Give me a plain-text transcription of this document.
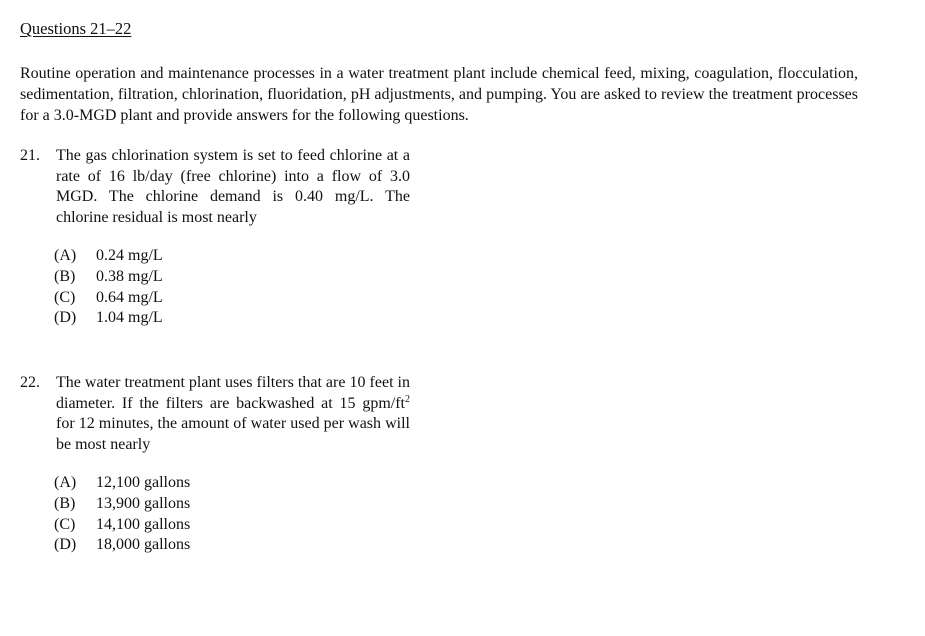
Questions 21–22

Routine operation and maintenance processes in a water treatment plant include chemical feed, mixing, coagulation, flocculation, sedimentation, filtration, chlorination, fluoridation, pH adjustments, and pumping. You are asked to review the treatment processes for a 3.0-MGD plant and provide answers for the following questions.

21. The gas chlorination system is set to feed chlorine at a rate of 16 lb/day (free chlorine) into a flow of 3.0 MGD. The chlorine demand is 0.40 mg/L. The chlorine residual is most nearly
(A)	0.24 mg/L
(B)	0.38 mg/L
(C)	0.64 mg/L
(D)	1.04 mg/L
22. The water treatment plant uses filters that are 10 feet in diameter. If the filters are backwashed at 15 gpm/$ft^2$ for 12 minutes, the amount of water used per wash will be most nearly
(A)	12,100 gallons
(B)	13,900 gallons
(C)	14,100 gallons
(D)	18,000 gallons
